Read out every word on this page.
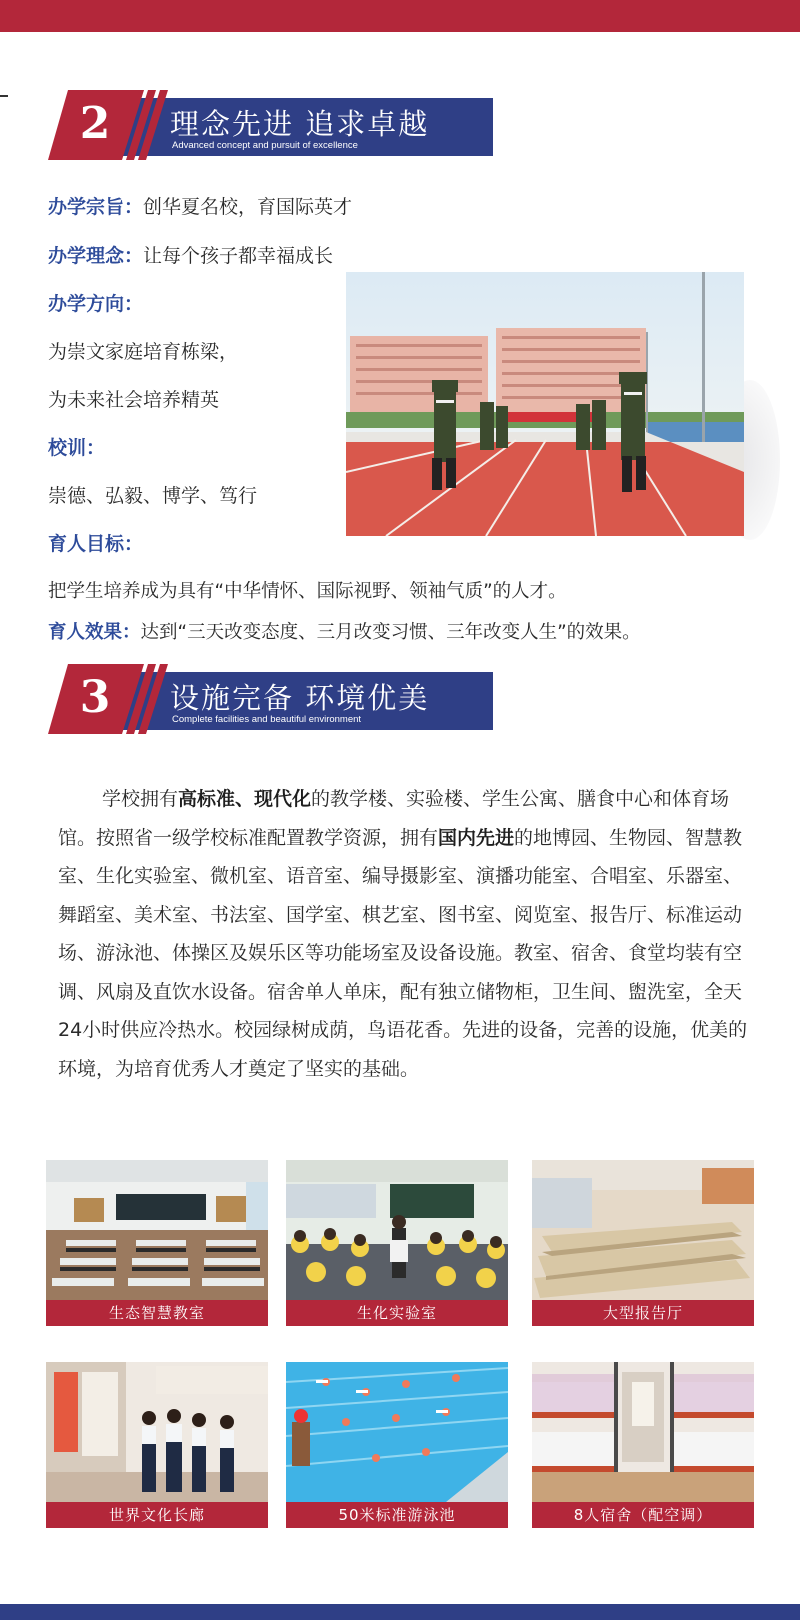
2	理念先进 追求卓越
Advanced concept and pursuit of excellence
办学宗旨：创华夏名校，育国际英才
办学理念：让每个孩子都幸福成长
办学方向：
为崇文家庭培育栋梁，
为未来社会培养精英
校训：
崇德、弘毅、博学、笃行
育人目标：
把学生培养成为具有“中华情怀、国际视野、领袖气质”的人才。
育人效果：达到“三天改变态度、三月改变习惯、三年改变人生”的效果。
3	设施完备 环境优美
Complete facilities and beautiful environment
学校拥有高标准、现代化的教学楼、实验楼、学生公寓、膳食中心和体育场馆。按照省一级学校标准配置教学资源，拥有国内先进的地博园、生物园、智慧教室、生化实验室、微机室、语音室、编导摄影室、演播功能室、合唱室、乐器室、舞蹈室、美术室、书法室、国学室、棋艺室、图书室、阅览室、报告厅、标准运动场、游泳池、体操区及娱乐区等功能场室及设备设施。教室、宿舍、食堂均装有空调、风扇及直饮水设备。宿舍单人单床，配有独立储物柜，卫生间、盥洗室，全天24小时供应冷热水。校园绿树成荫，鸟语花香。先进的设备，完善的设施，优美的环境，为培育优秀人才奠定了坚实的基础。
生态智慧教室	生化实验室	大型报告厅
世界文化长廊	50米标准游泳池	8人宿舍（配空调）
